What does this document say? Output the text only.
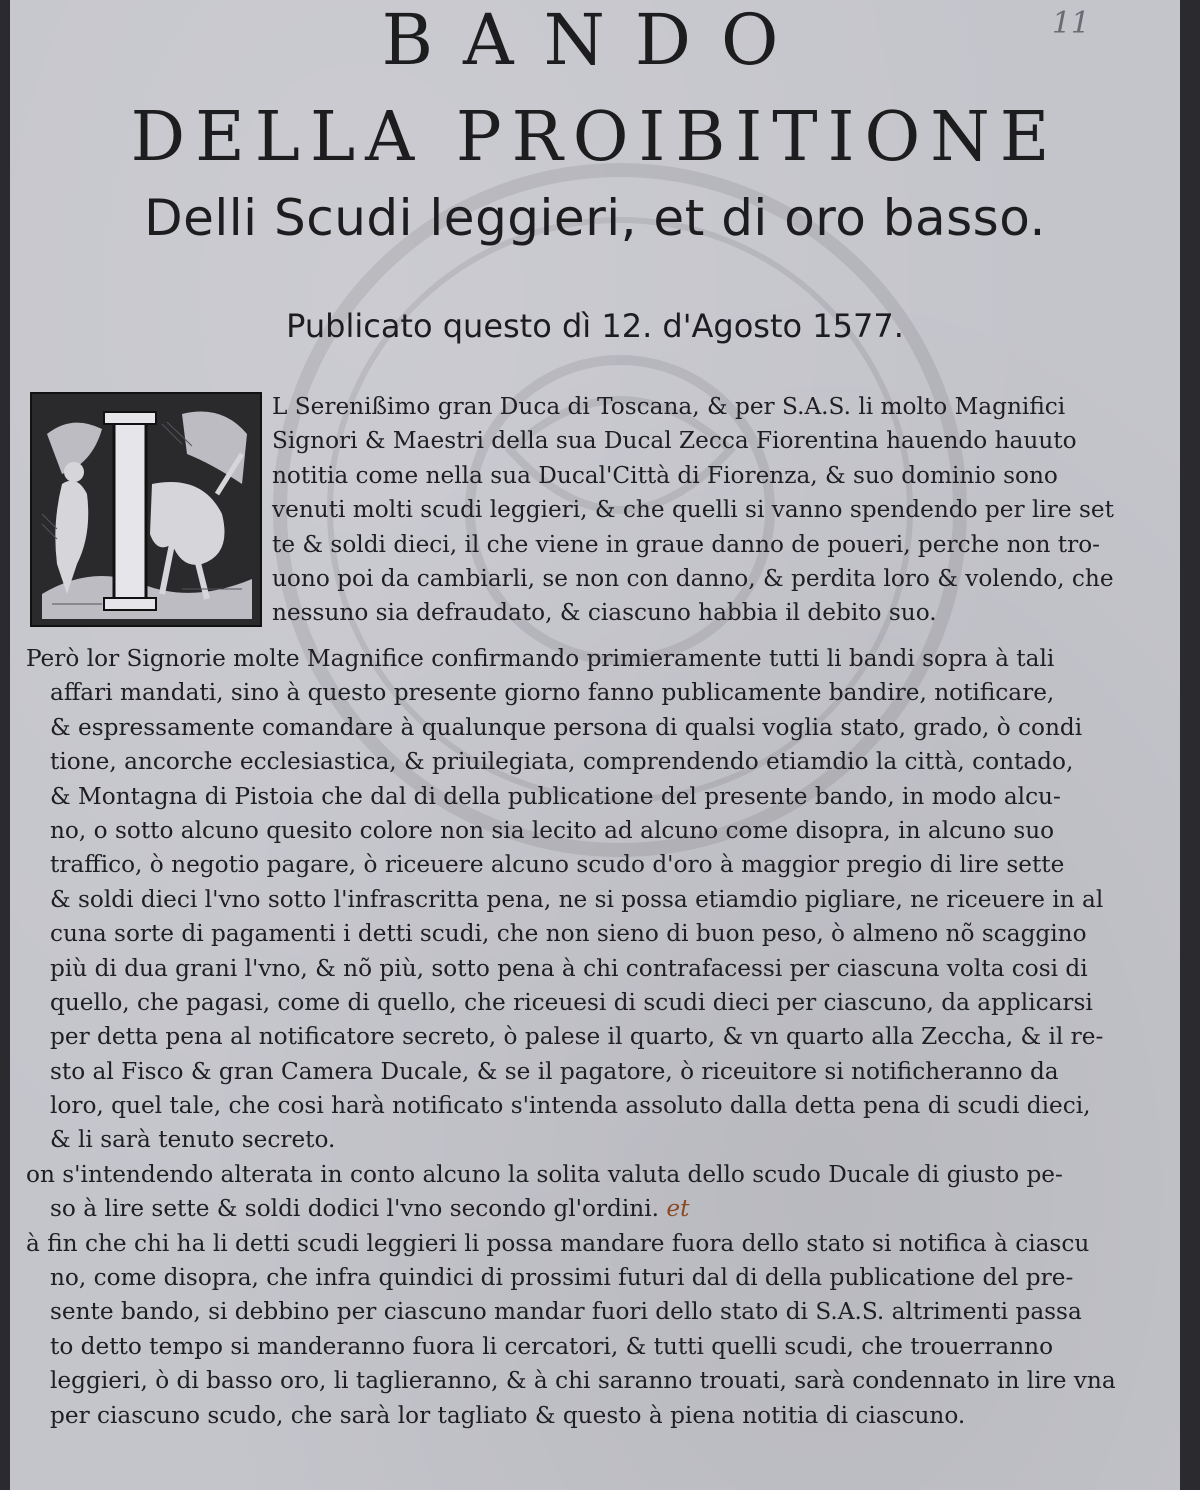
11
BANDO
DELLA PROIBITIONE
Delli Scudi leggieri, et di oro basso.
Publicato questo dì 12. d'Agosto 1577.
L Serenißimo gran Duca di Toscana, & per S.A.S. li molto Magnifici
Signori & Maestri della sua Ducal Zecca Fiorentina hauendo hauuto
notitia come nella sua Ducal'Città di Fiorenza, & suo dominio sono
venuti molti scudi leggieri, & che quelli si vanno spendendo per lire set
te & soldi dieci, il che viene in graue danno de poueri, perche non tro-
uono poi da cambiarli, se non con danno, & perdita loro & volendo, che
nessuno sia defraudato, & ciascuno habbia il debito suo.
Però lor Signorie molte Magnifice confirmando primieramente tutti li bandi sopra à tali
affari mandati, sino à questo presente giorno fanno publicamente bandire, notificare,
& espressamente comandare à qualunque persona di qualsi voglia stato, grado, ò condi
tione, ancorche ecclesiastica, & priuilegiata, comprendendo etiamdio la città, contado,
& Montagna di Pistoia che dal di della publicatione del presente bando, in modo alcu-
no, o sotto alcuno quesito colore non sia lecito ad alcuno come disopra, in alcuno suo
traffico, ò negotio pagare, ò riceuere alcuno scudo d'oro à maggior pregio di lire sette
& soldi dieci l'vno sotto l'infrascritta pena, ne si possa etiamdio pigliare, ne riceuere in al
cuna sorte di pagamenti i detti scudi, che non sieno di buon peso, ò almeno nõ scaggino
più di dua grani l'vno, & nõ più, sotto pena à chi contrafacessi per ciascuna volta cosi di
quello, che pagasi, come di quello, che riceuesi di scudi dieci per ciascuno, da applicarsi
per detta pena al notificatore secreto, ò palese il quarto, & vn quarto alla Zeccha, & il re-
sto al Fisco & gran Camera Ducale, & se il pagatore, ò riceuitore si notificheranno da
loro, quel tale, che cosi harà notificato s'intenda assoluto dalla detta pena di scudi dieci,
& li sarà tenuto secreto.
on s'intendendo alterata in conto alcuno la solita valuta dello scudo Ducale di giusto pe-
so à lire sette & soldi dodici l'vno secondo gl'ordini. et
à fin che chi ha li detti scudi leggieri li possa mandare fuora dello stato si notifica à ciascu
no, come disopra, che infra quindici di prossimi futuri dal di della publicatione del pre-
sente bando, si debbino per ciascuno mandar fuori dello stato di S.A.S. altrimenti passa
to detto tempo si manderanno fuora li cercatori, & tutti quelli scudi, che trouerranno
leggieri, ò di basso oro, li taglieranno, & à chi saranno trouati, sarà condennato in lire vna
per ciascuno scudo, che sarà lor tagliato & questo à piena notitia di ciascuno.
